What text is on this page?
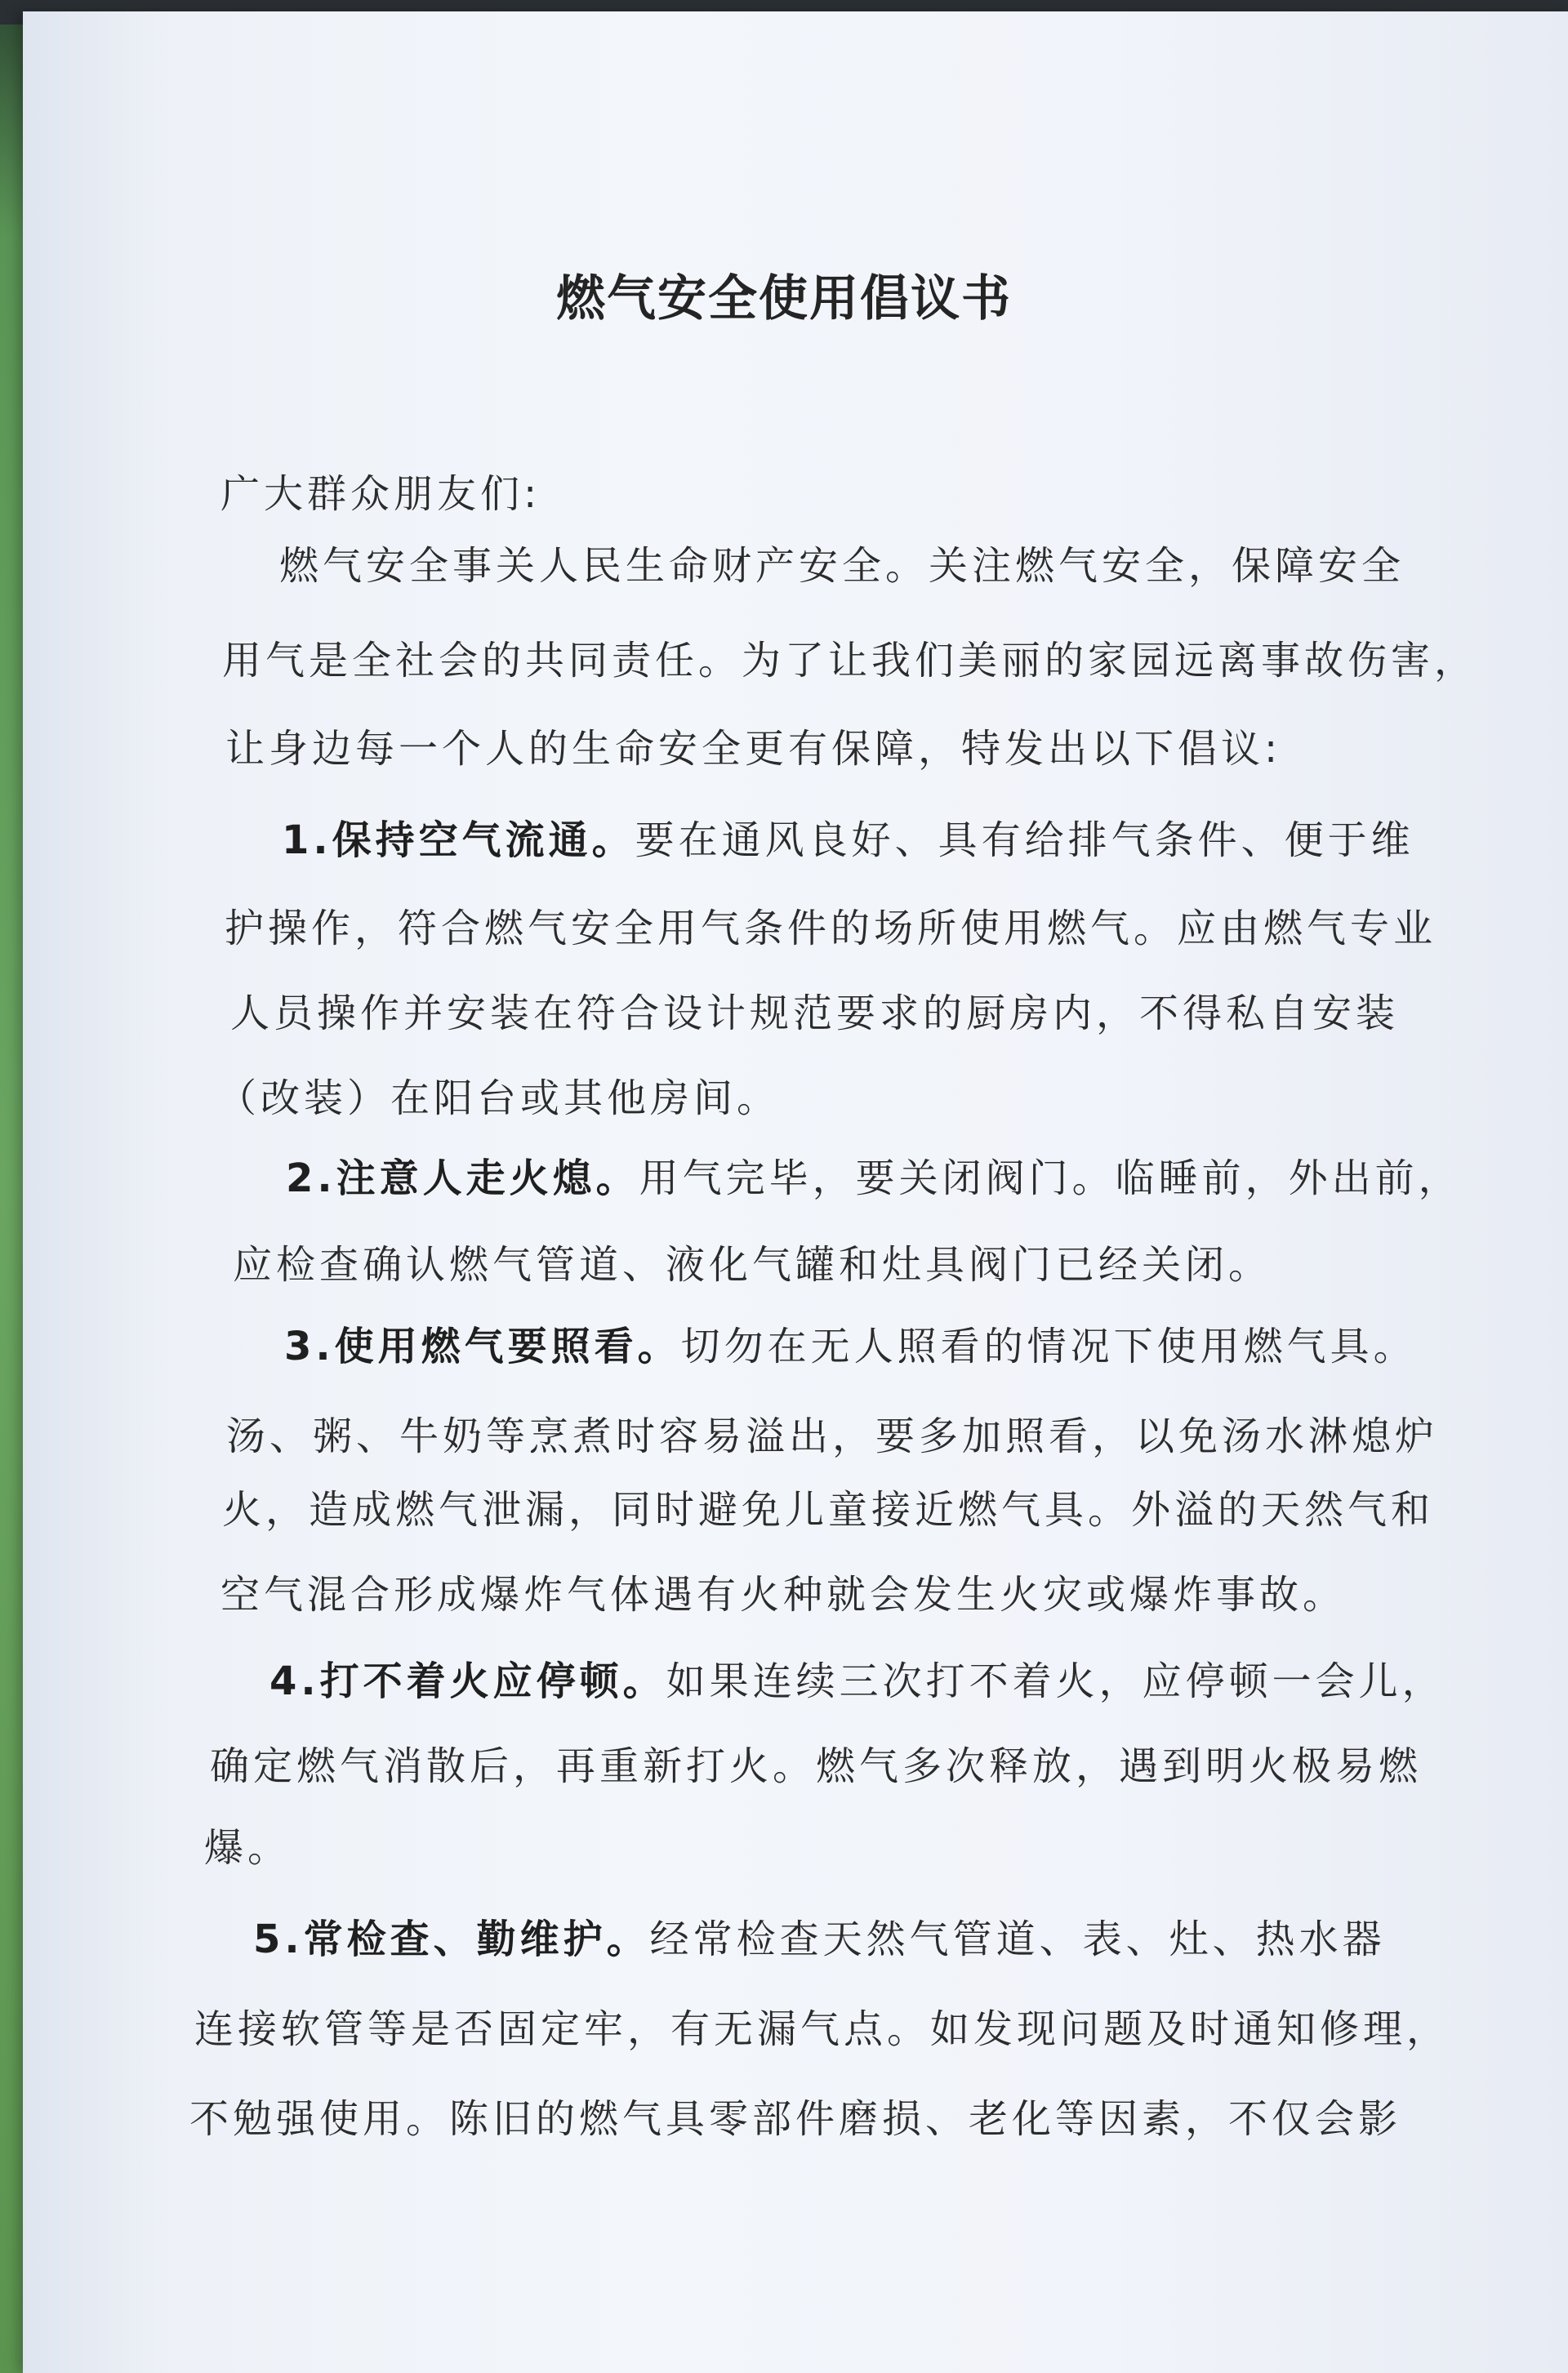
燃气安全使用倡议书
广大群众朋友们:
燃气安全事关人民生命财产安全。关注燃气安全，保障安全
用气是全社会的共同责任。为了让我们美丽的家园远离事故伤害，
让身边每一个人的生命安全更有保障，特发出以下倡议:
1.保持空气流通。要在通风良好、具有给排气条件、便于维
护操作，符合燃气安全用气条件的场所使用燃气。应由燃气专业
人员操作并安装在符合设计规范要求的厨房内，不得私自安装
（改装）在阳台或其他房间。
2.注意人走火熄。用气完毕，要关闭阀门。临睡前，外出前，
应检查确认燃气管道、液化气罐和灶具阀门已经关闭。
3.使用燃气要照看。切勿在无人照看的情况下使用燃气具。
汤、粥、牛奶等烹煮时容易溢出，要多加照看，以免汤水淋熄炉
火，造成燃气泄漏，同时避免儿童接近燃气具。外溢的天然气和
空气混合形成爆炸气体遇有火种就会发生火灾或爆炸事故。
4.打不着火应停顿。如果连续三次打不着火，应停顿一会儿，
确定燃气消散后，再重新打火。燃气多次释放，遇到明火极易燃
爆。
5.常检查、勤维护。经常检查天然气管道、表、灶、热水器
连接软管等是否固定牢，有无漏气点。如发现问题及时通知修理，
不勉强使用。陈旧的燃气具零部件磨损、老化等因素，不仅会影
